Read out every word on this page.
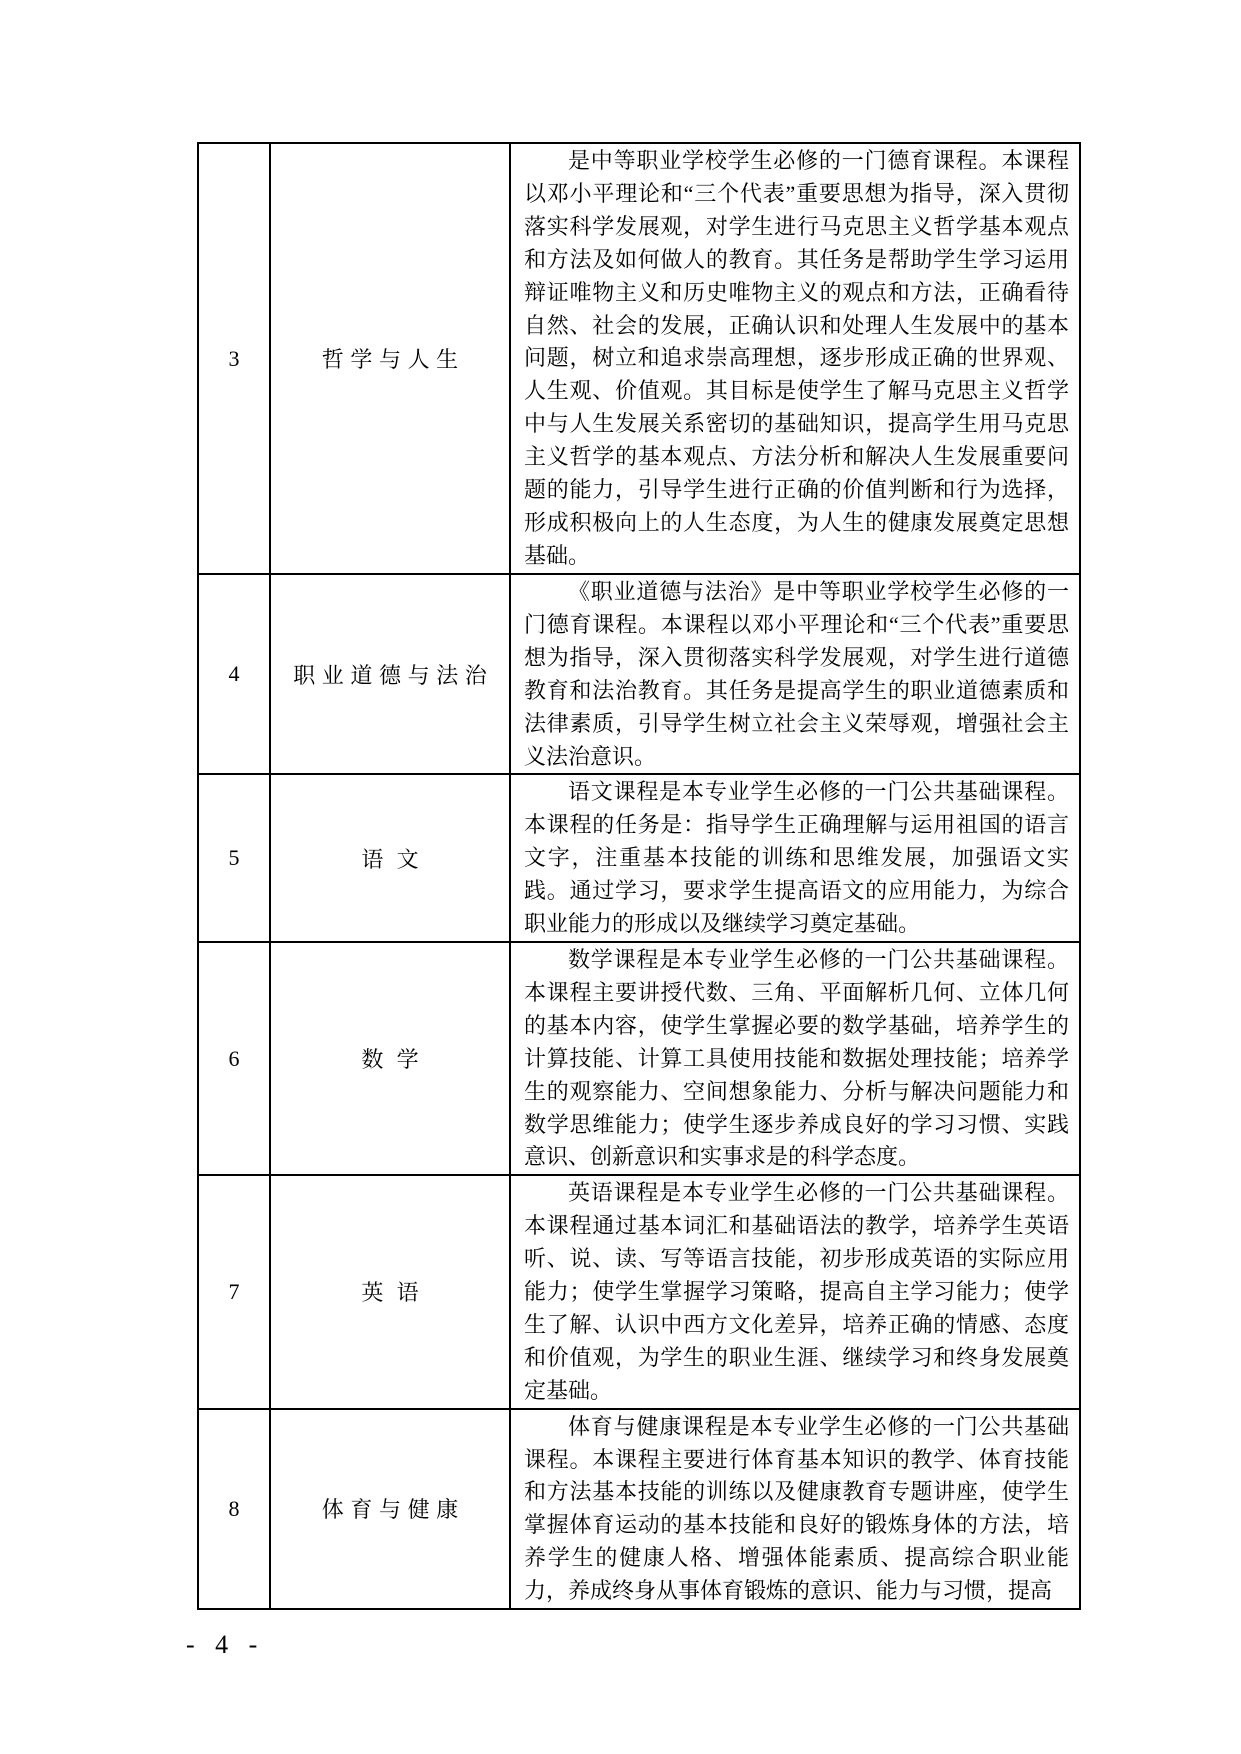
3	哲学与人生	是中等职业学校学生必修的一门德育课程。本课程以邓小平理论和“三个代表”重要思想为指导，深入贯彻落实科学发展观，对学生进行马克思主义哲学基本观点和方法及如何做人的教育。其任务是帮助学生学习运用辩证唯物主义和历史唯物主义的观点和方法，正确看待自然、社会的发展，正确认识和处理人生发展中的基本问题，树立和追求崇高理想，逐步形成正确的世界观、人生观、价值观。其目标是使学生了解马克思主义哲学中与人生发展关系密切的基础知识，提高学生用马克思主义哲学的基本观点、方法分析和解决人生发展重要问题的能力，引导学生进行正确的价值判断和行为选择，形成积极向上的人生态度，为人生的健康发展奠定思想基础。

4	职业道德与法治	《职业道德与法治》是中等职业学校学生必修的一门德育课程。本课程以邓小平理论和“三个代表”重要思想为指导，深入贯彻落实科学发展观，对学生进行道德教育和法治教育。其任务是提高学生的职业道德素质和法律素质，引导学生树立社会主义荣辱观，增强社会主义法治意识。

5	语文	语文课程是本专业学生必修的一门公共基础课程。本课程的任务是：指导学生正确理解与运用祖国的语言文字，注重基本技能的训练和思维发展，加强语文实践。通过学习，要求学生提高语文的应用能力，为综合职业能力的形成以及继续学习奠定基础。

6	数学	数学课程是本专业学生必修的一门公共基础课程。本课程主要讲授代数、三角、平面解析几何、立体几何的基本内容，使学生掌握必要的数学基础，培养学生的计算技能、计算工具使用技能和数据处理技能；培养学生的观察能力、空间想象能力、分析与解决问题能力和数学思维能力；使学生逐步养成良好的学习习惯、实践意识、创新意识和实事求是的科学态度。

7	英语	英语课程是本专业学生必修的一门公共基础课程。本课程通过基本词汇和基础语法的教学，培养学生英语听、说、读、写等语言技能，初步形成英语的实际应用能力；使学生掌握学习策略，提高自主学习能力；使学生了解、认识中西方文化差异，培养正确的情感、态度和价值观，为学生的职业生涯、继续学习和终身发展奠定基础。

8	体育与健康	体育与健康课程是本专业学生必修的一门公共基础课程。本课程主要进行体育基本知识的教学、体育技能和方法基本技能的训练以及健康教育专题讲座，使学生掌握体育运动的基本技能和良好的锻炼身体的方法，培养学生的健康人格、增强体能素质、提高综合职业能力，养成终身从事体育锻炼的意识、能力与习惯，提高

- 4 -
